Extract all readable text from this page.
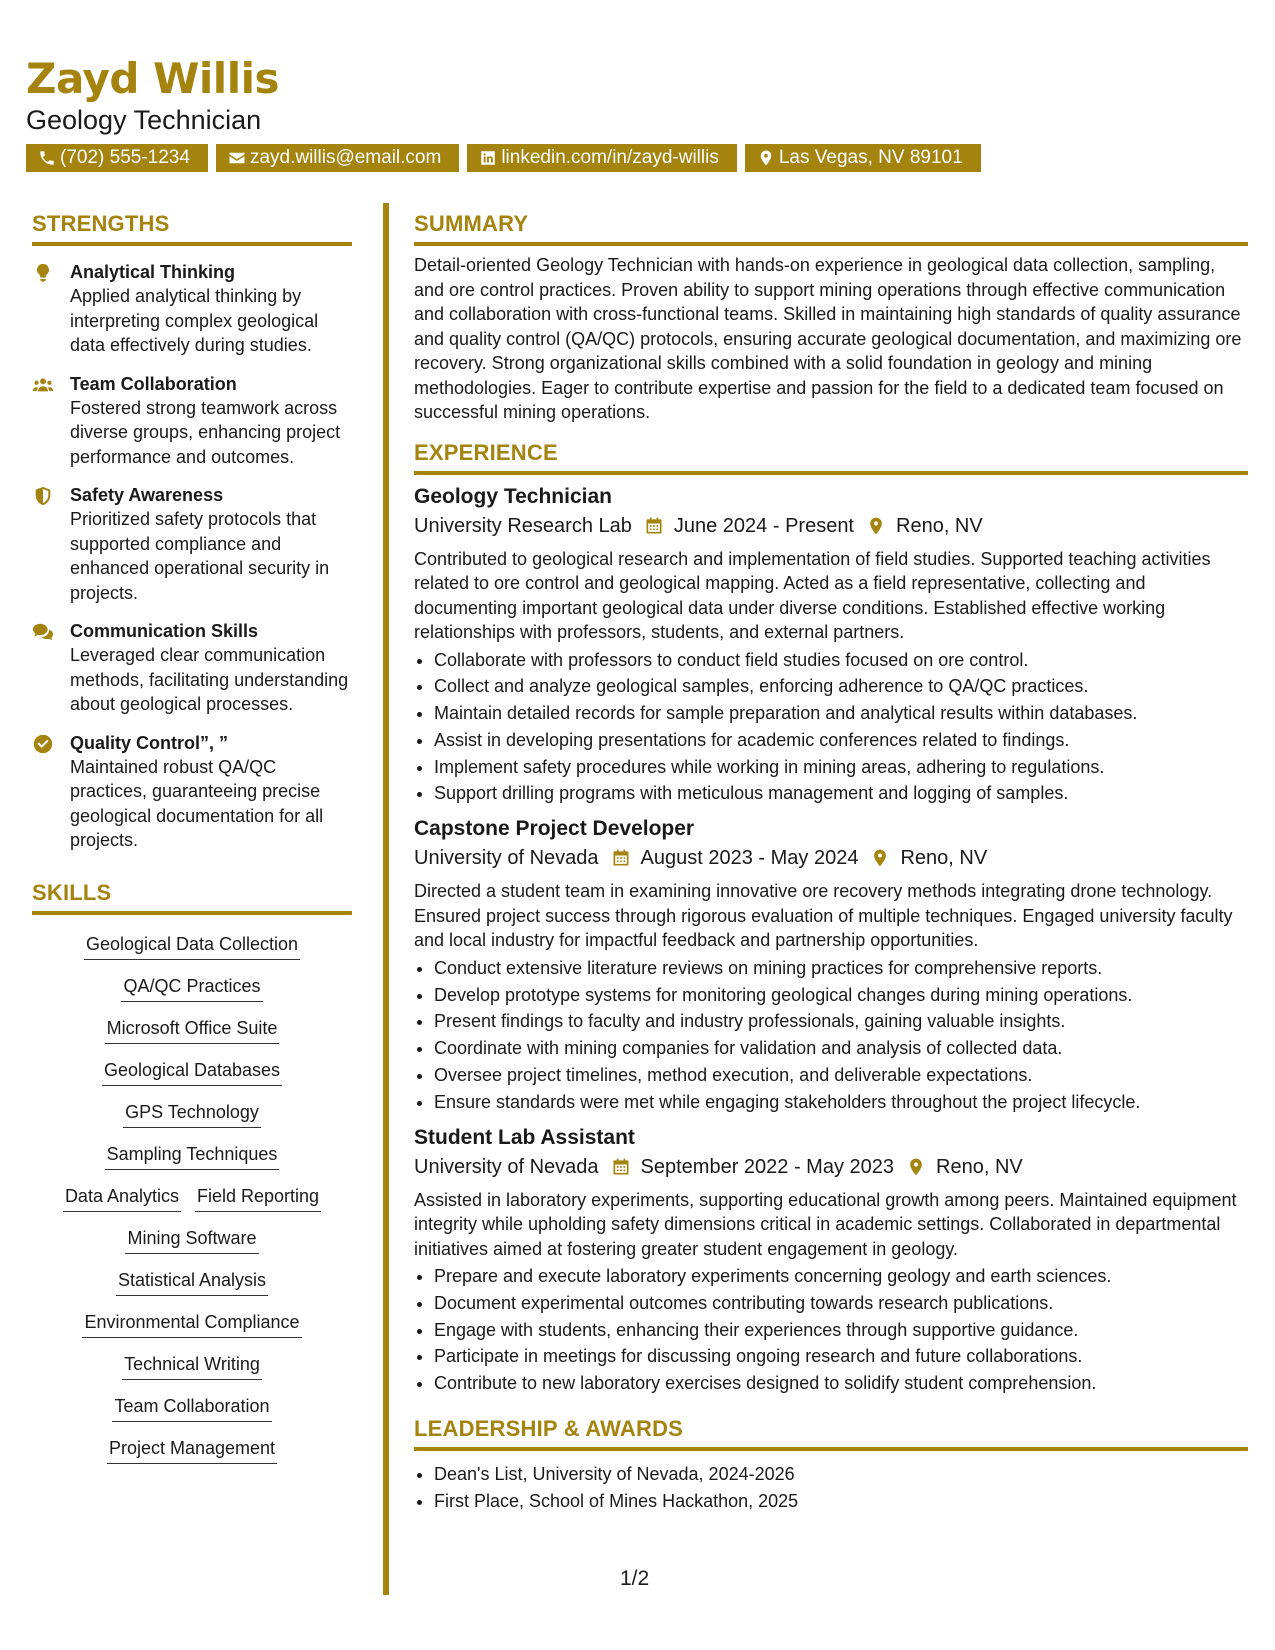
Zayd Willis
Geology Technician
(702) 555-1234	zayd.willis@email.com	linkedin.com/in/zayd-willis	Las Vegas, NV 89101
STRENGTHS
Analytical Thinking
Applied analytical thinking by interpreting complex geological data effectively during studies.
Team Collaboration
Fostered strong teamwork across diverse groups, enhancing project performance and outcomes.
Safety Awareness
Prioritized safety protocols that supported compliance and enhanced operational security in projects.
Communication Skills
Leveraged clear communication methods, facilitating understanding about geological processes.
Quality Control”, ”
Maintained robust QA/QC practices, guaranteeing precise geological documentation for all projects.
SKILLS
Geological Data Collection
QA/QC Practices
Microsoft Office Suite
Geological Databases
GPS Technology
Sampling Techniques
Data Analytics Field Reporting
Mining Software
Statistical Analysis
Environmental Compliance
Technical Writing
Team Collaboration
Project Management
SUMMARY
Detail-oriented Geology Technician with hands-on experience in geological data collection, sampling, and ore control practices. Proven ability to support mining operations through effective communication and collaboration with cross-functional teams. Skilled in maintaining high standards of quality assurance and quality control (QA/QC) protocols, ensuring accurate geological documentation, and maximizing ore recovery. Strong organizational skills combined with a solid foundation in geology and mining methodologies. Eager to contribute expertise and passion for the field to a dedicated team focused on successful mining operations.
EXPERIENCE
Geology Technician
University Research Lab June 2024 - Present Reno, NV
Contributed to geological research and implementation of field studies. Supported teaching activities related to ore control and geological mapping. Acted as a field representative, collecting and documenting important geological data under diverse conditions. Established effective working relationships with professors, students, and external partners.
• Collaborate with professors to conduct field studies focused on ore control.
• Collect and analyze geological samples, enforcing adherence to QA/QC practices.
• Maintain detailed records for sample preparation and analytical results within databases.
• Assist in developing presentations for academic conferences related to findings.
• Implement safety procedures while working in mining areas, adhering to regulations.
• Support drilling programs with meticulous management and logging of samples.
Capstone Project Developer
University of Nevada August 2023 - May 2024 Reno, NV
Directed a student team in examining innovative ore recovery methods integrating drone technology. Ensured project success through rigorous evaluation of multiple techniques. Engaged university faculty and local industry for impactful feedback and partnership opportunities.
• Conduct extensive literature reviews on mining practices for comprehensive reports.
• Develop prototype systems for monitoring geological changes during mining operations.
• Present findings to faculty and industry professionals, gaining valuable insights.
• Coordinate with mining companies for validation and analysis of collected data.
• Oversee project timelines, method execution, and deliverable expectations.
• Ensure standards were met while engaging stakeholders throughout the project lifecycle.
Student Lab Assistant
University of Nevada September 2022 - May 2023 Reno, NV
Assisted in laboratory experiments, supporting educational growth among peers. Maintained equipment integrity while upholding safety dimensions critical in academic settings. Collaborated in departmental initiatives aimed at fostering greater student engagement in geology.
• Prepare and execute laboratory experiments concerning geology and earth sciences.
• Document experimental outcomes contributing towards research publications.
• Engage with students, enhancing their experiences through supportive guidance.
• Participate in meetings for discussing ongoing research and future collaborations.
• Contribute to new laboratory exercises designed to solidify student comprehension.
LEADERSHIP & AWARDS
• Dean's List, University of Nevada, 2024-2026
• First Place, School of Mines Hackathon, 2025
1/2
